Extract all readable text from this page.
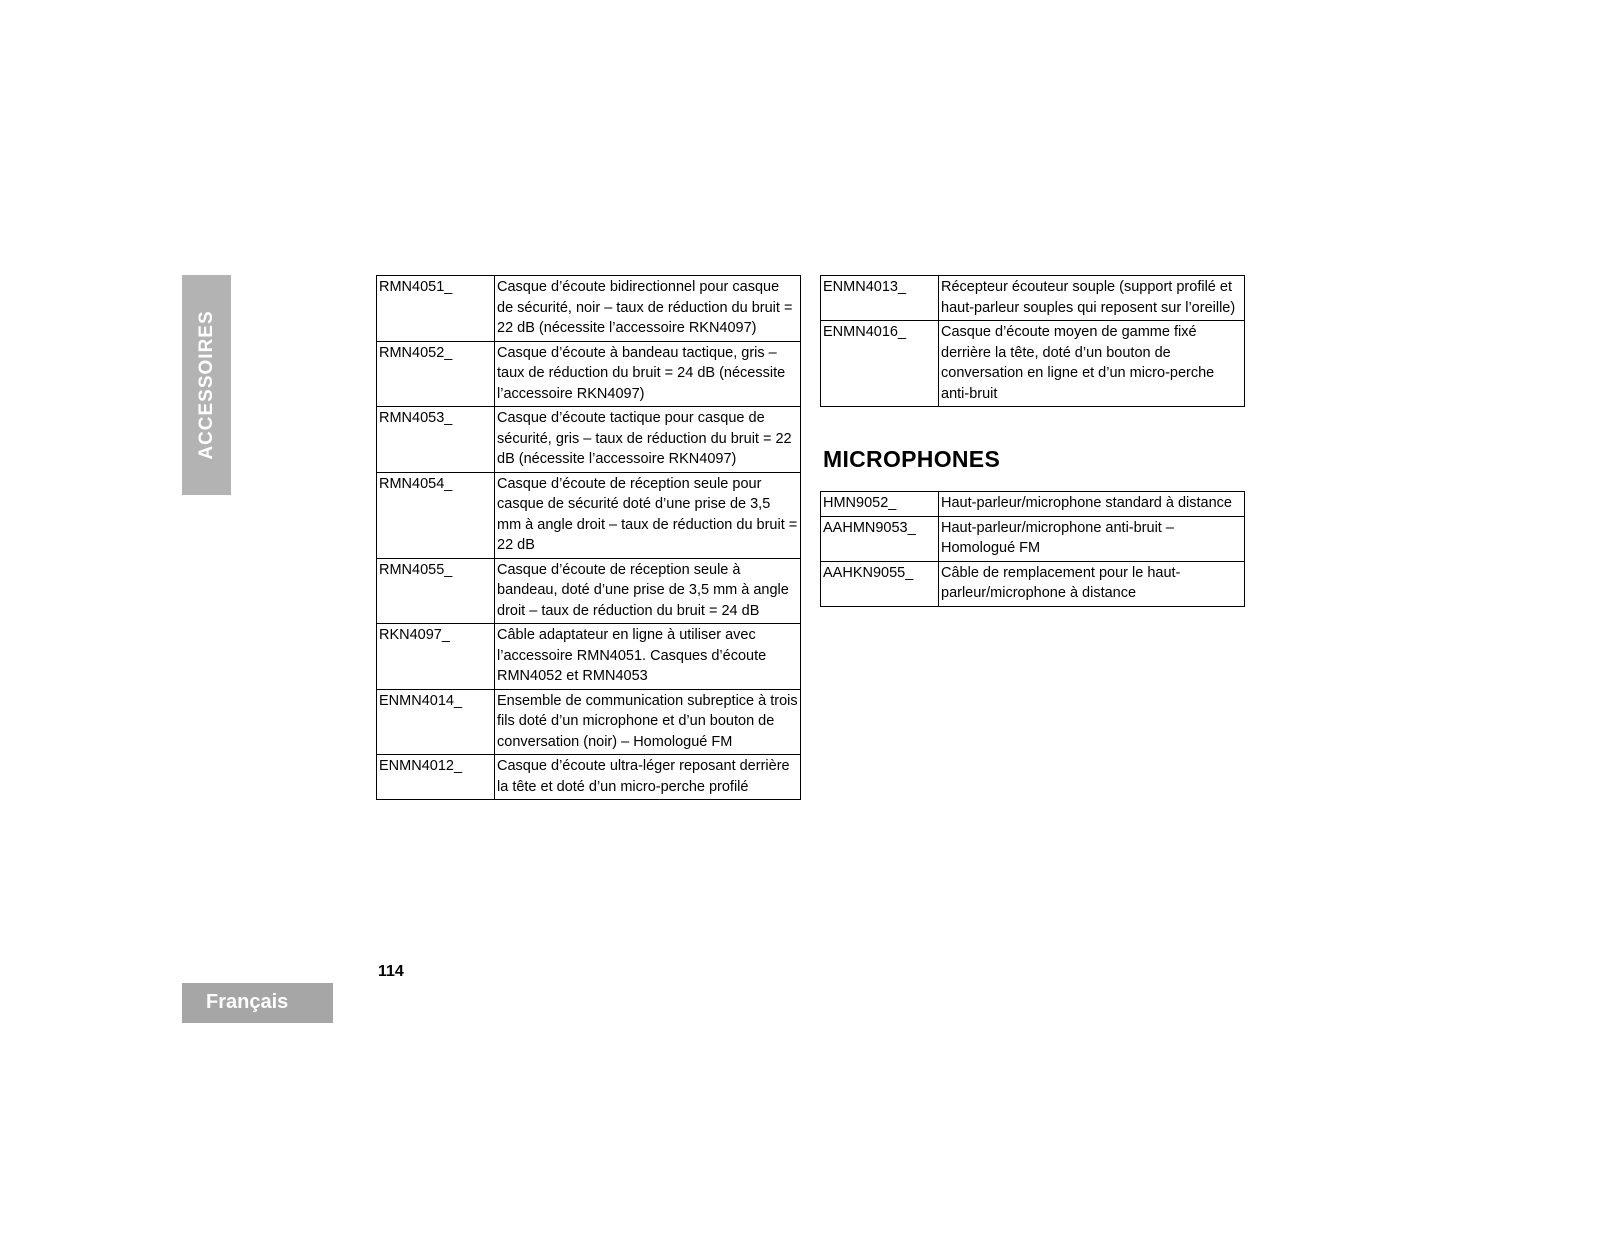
ACCESSOIRES
RMN4051_	Casque d’écoute bidirectionnel pour casque de sécurité, noir – taux de réduction du bruit = 22 dB (nécessite l’accessoire RKN4097)
RMN4052_	Casque d’écoute à bandeau tactique, gris – taux de réduction du bruit = 24 dB (nécessite l’accessoire RKN4097)
RMN4053_	Casque d’écoute tactique pour casque de sécurité, gris – taux de réduction du bruit = 22 dB (nécessite l’accessoire RKN4097)
RMN4054_	Casque d’écoute de réception seule pour casque de sécurité doté d’une prise de 3,5 mm à angle droit – taux de réduction du bruit = 22 dB
RMN4055_	Casque d’écoute de réception seule à bandeau, doté d’une prise de 3,5 mm à angle droit – taux de réduction du bruit = 24 dB
RKN4097_	Câble adaptateur en ligne à utiliser avec l’accessoire RMN4051. Casques d’écoute RMN4052 et RMN4053
ENMN4014_	Ensemble de communication subreptice à trois fils doté d’un microphone et d’un bouton de conversation (noir) – Homologué FM
ENMN4012_	Casque d’écoute ultra-léger reposant derrière la tête et doté d’un micro-perche profilé
ENMN4013_	Récepteur écouteur souple (support profilé et haut-parleur souples qui reposent sur l’oreille)
ENMN4016_	Casque d’écoute moyen de gamme fixé derrière la tête, doté d’un bouton de conversation en ligne et d’un micro-perche anti-bruit
MICROPHONES
HMN9052_	Haut-parleur/microphone standard à distance
AAHMN9053_	Haut-parleur/microphone anti-bruit – Homologué FM
AAHKN9055_	Câble de remplacement pour le haut-parleur/microphone à distance
114
Français
